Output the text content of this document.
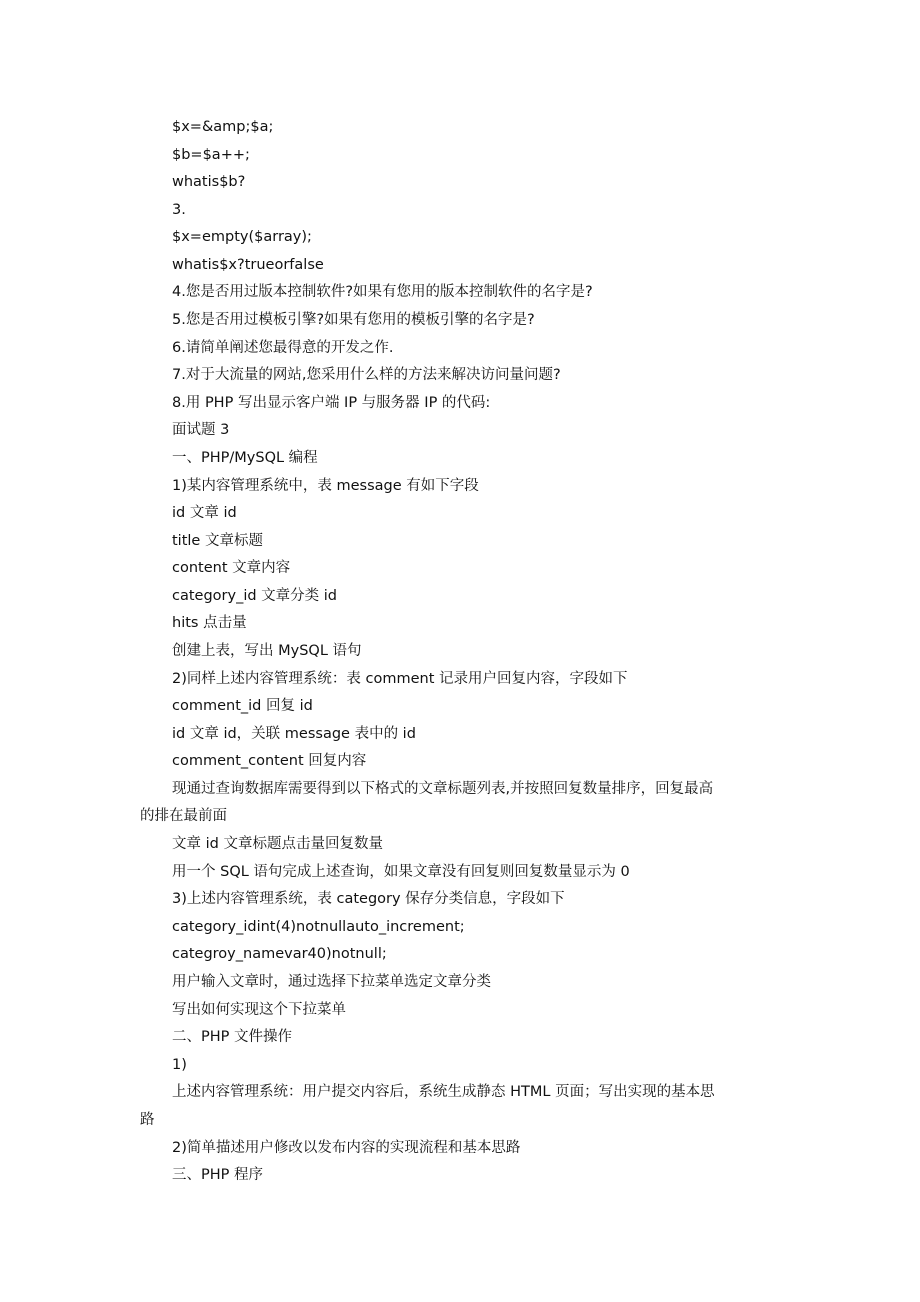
$x=&amp;$a;
$b=$a++;
whatis$b?
3.
$x=empty($array);
whatis$x?trueorfalse
4.您是否用过版本控制软件?如果有您用的版本控制软件的名字是?
5.您是否用过模板引擎?如果有您用的模板引擎的名字是?
6.请简单阐述您最得意的开发之作.
7.对于大流量的网站,您采用什么样的方法来解决访问量问题?
8.用 PHP 写出显示客户端 IP 与服务器 IP 的代码:
面试题 3
一、PHP/MySQL 编程
1)某内容管理系统中，表 message 有如下字段
id 文章 id
title 文章标题
content 文章内容
category_id 文章分类 id
hits 点击量
创建上表，写出 MySQL 语句
2)同样上述内容管理系统：表 comment 记录用户回复内容，字段如下
comment_id 回复 id
id 文章 id，关联 message 表中的 id
comment_content 回复内容
现通过查询数据库需要得到以下格式的文章标题列表,并按照回复数量排序，回复最高
的排在最前面
文章 id 文章标题点击量回复数量
用一个 SQL 语句完成上述查询，如果文章没有回复则回复数量显示为 0
3)上述内容管理系统，表 category 保存分类信息，字段如下
category_idint(4)notnullauto_increment;
categroy_namevar40)notnull;
用户输入文章时，通过选择下拉菜单选定文章分类
写出如何实现这个下拉菜单
二、PHP 文件操作
1)
上述内容管理系统：用户提交内容后，系统生成静态 HTML 页面；写出实现的基本思
路
2)简单描述用户修改以发布内容的实现流程和基本思路
三、PHP 程序
